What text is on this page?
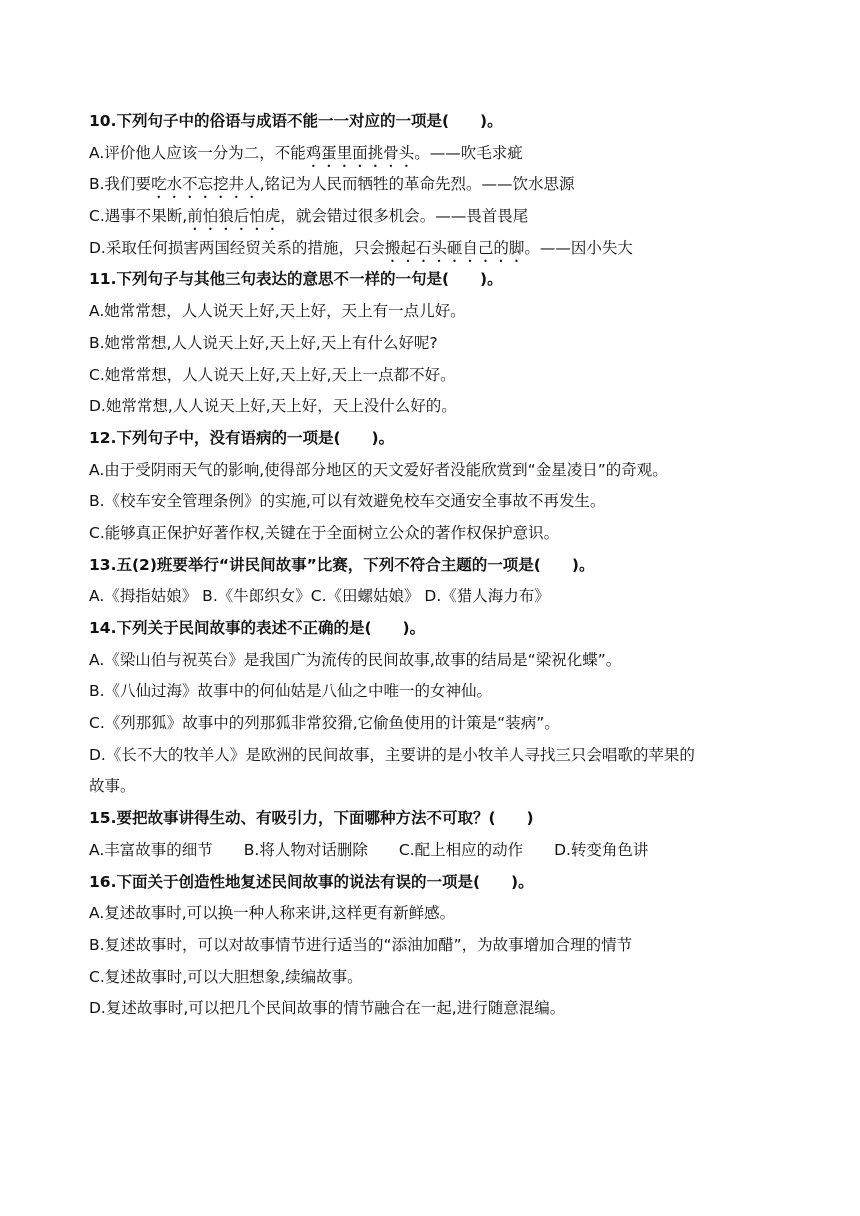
10.下列句子中的俗语与成语不能一一对应的一项是(　　)。
A.评价他人应该一分为二，不能鸡蛋里面挑骨头。——吹毛求疵
B.我们要吃水不忘挖井人,铭记为人民而牺牲的革命先烈。——饮水思源
C.遇事不果断,前怕狼后怕虎，就会错过很多机会。——畏首畏尾
D.采取任何损害两国经贸关系的措施，只会搬起石头砸自己的脚。——因小失大
11.下列句子与其他三句表达的意思不一样的一句是(　　)。
A.她常常想，人人说天上好,天上好，天上有一点儿好。
B.她常常想,人人说天上好,天上好,天上有什么好呢?
C.她常常想，人人说天上好,天上好,天上一点都不好。
D.她常常想,人人说天上好,天上好，天上没什么好的。
12.下列句子中，没有语病的一项是(　　)。
A.由于受阴雨天气的影响,使得部分地区的天文爱好者没能欣赏到“金星凌日”的奇观。
B.《校车安全管理条例》的实施,可以有效避免校车交通安全事故不再发生。
C.能够真正保护好著作权,关键在于全面树立公众的著作权保护意识。
13.五(2)班要举行“讲民间故事”比赛，下列不符合主题的一项是(　　)。
A.《拇指姑娘》 B.《牛郎织女》C.《田螺姑娘》 D.《猎人海力布》
14.下列关于民间故事的表述不正确的是(　　)。
A.《梁山伯与祝英台》是我国广为流传的民间故事,故事的结局是“梁祝化蝶”。
B.《八仙过海》故事中的何仙姑是八仙之中唯一的女神仙。
C.《列那狐》故事中的列那狐非常狡猾,它偷鱼使用的计策是“装病”。
D.《长不大的牧羊人》是欧洲的民间故事，主要讲的是小牧羊人寻找三只会唱歌的苹果的
故事。
15.要把故事讲得生动、有吸引力，下面哪种方法不可取？(　　)
A.丰富故事的细节　　B.将人物对话删除　　C.配上相应的动作　　D.转变角色讲
16.下面关于创造性地复述民间故事的说法有误的一项是(　　)。
A.复述故事时,可以换一种人称来讲,这样更有新鲜感。
B.复述故事时，可以对故事情节进行适当的“添油加醋”，为故事增加合理的情节
C.复述故事时,可以大胆想象,续编故事。
D.复述故事时,可以把几个民间故事的情节融合在一起,进行随意混编。
